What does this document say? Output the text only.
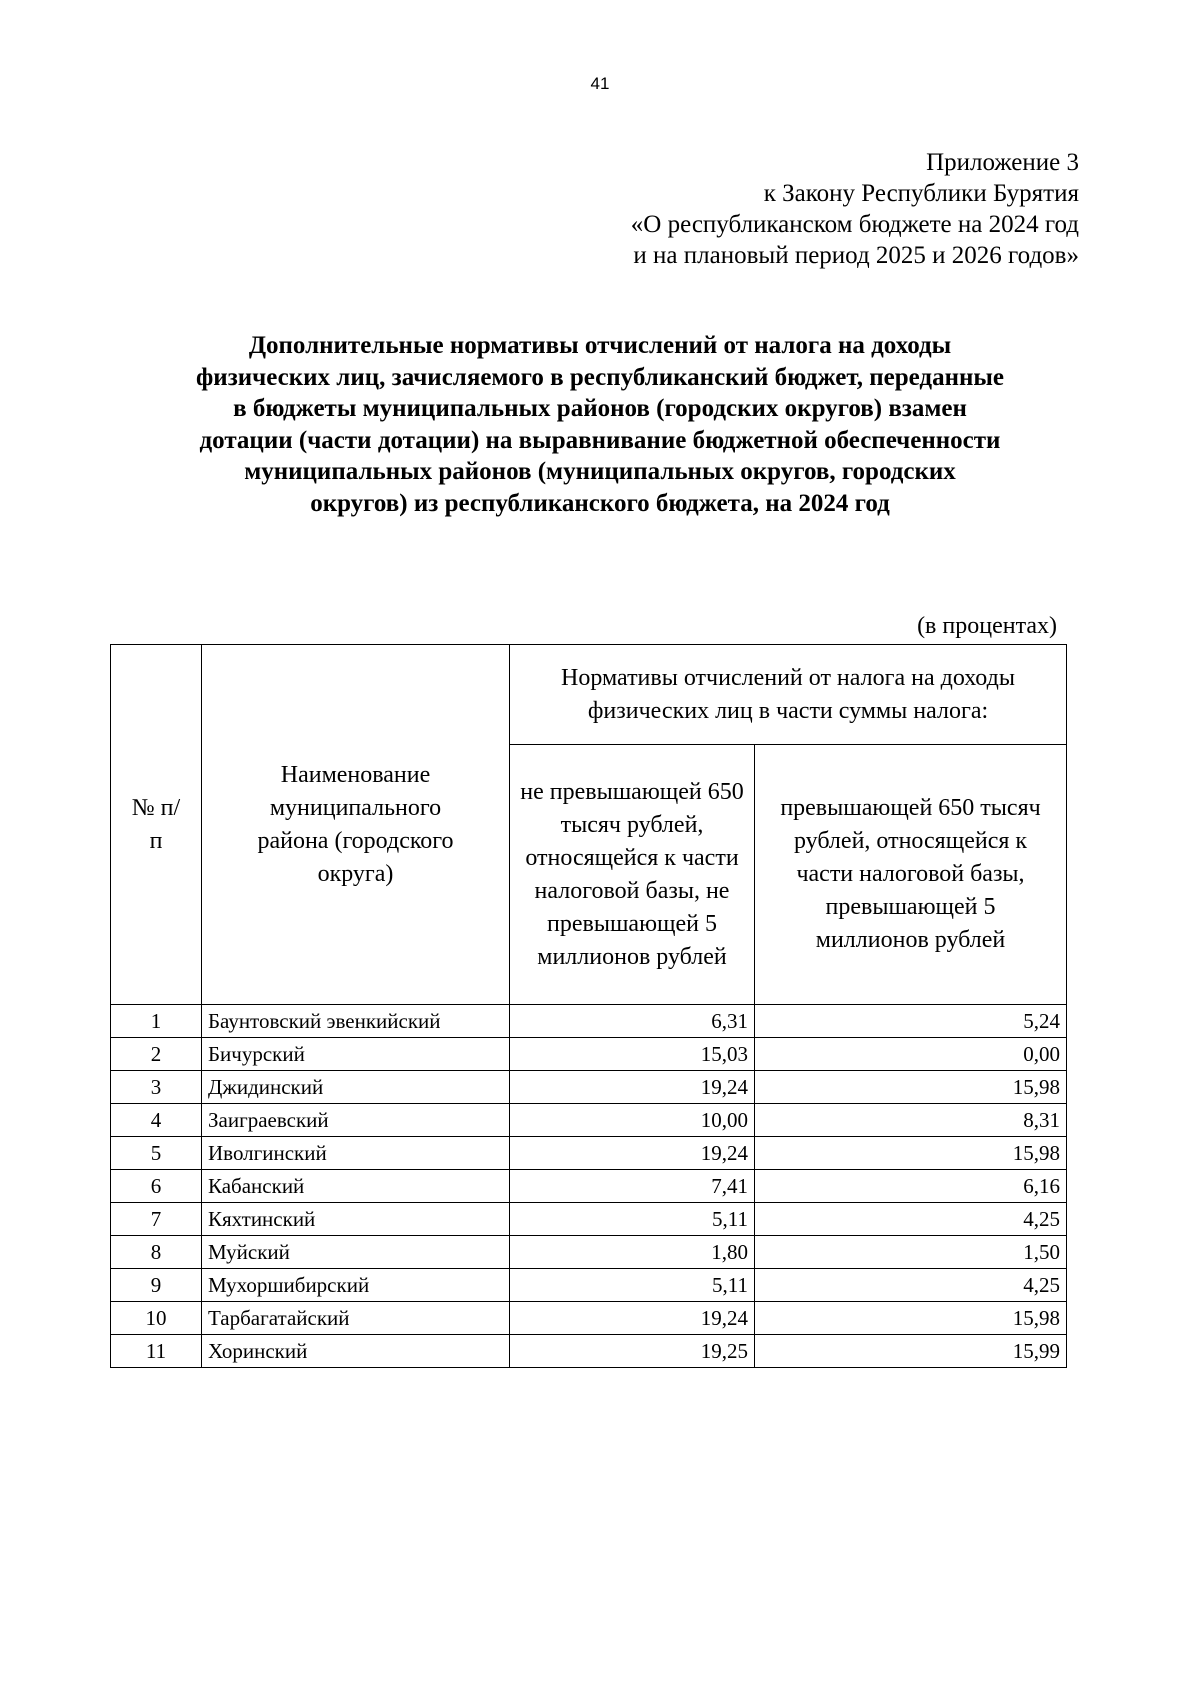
41
Приложение 3
к Закону Республики Бурятия
«О республиканском бюджете на 2024 год
и на плановый период 2025 и 2026 годов»
Дополнительные нормативы отчислений от налога на доходы
физических лиц, зачисляемого в республиканский бюджет, переданные
в бюджеты муниципальных районов (городских округов) взамен
дотации (части дотации) на выравнивание бюджетной обеспеченности
муниципальных районов (муниципальных округов, городских
округов) из республиканского бюджета, на 2024 год
(в процентах)
№ п/п	Наименование муниципального района (городского округа)	Нормативы отчислений от налога на доходы физических лиц в части суммы налога:	
		не превышающей 650 тысяч рублей, относящейся к части налоговой базы, не превышающей 5 миллионов рублей	превышающей 650 тысяч рублей, относящейся к части налоговой базы, превышающей 5 миллионов рублей
1	Баунтовский эвенкийский	6,31	5,24
2	Бичурский	15,03	0,00
3	Джидинский	19,24	15,98
4	Заиграевский	10,00	8,31
5	Иволгинский	19,24	15,98
6	Кабанский	7,41	6,16
7	Кяхтинский	5,11	4,25
8	Муйский	1,80	1,50
9	Мухоршибирский	5,11	4,25
10	Тарбагатайский	19,24	15,98
11	Хоринский	19,25	15,99
